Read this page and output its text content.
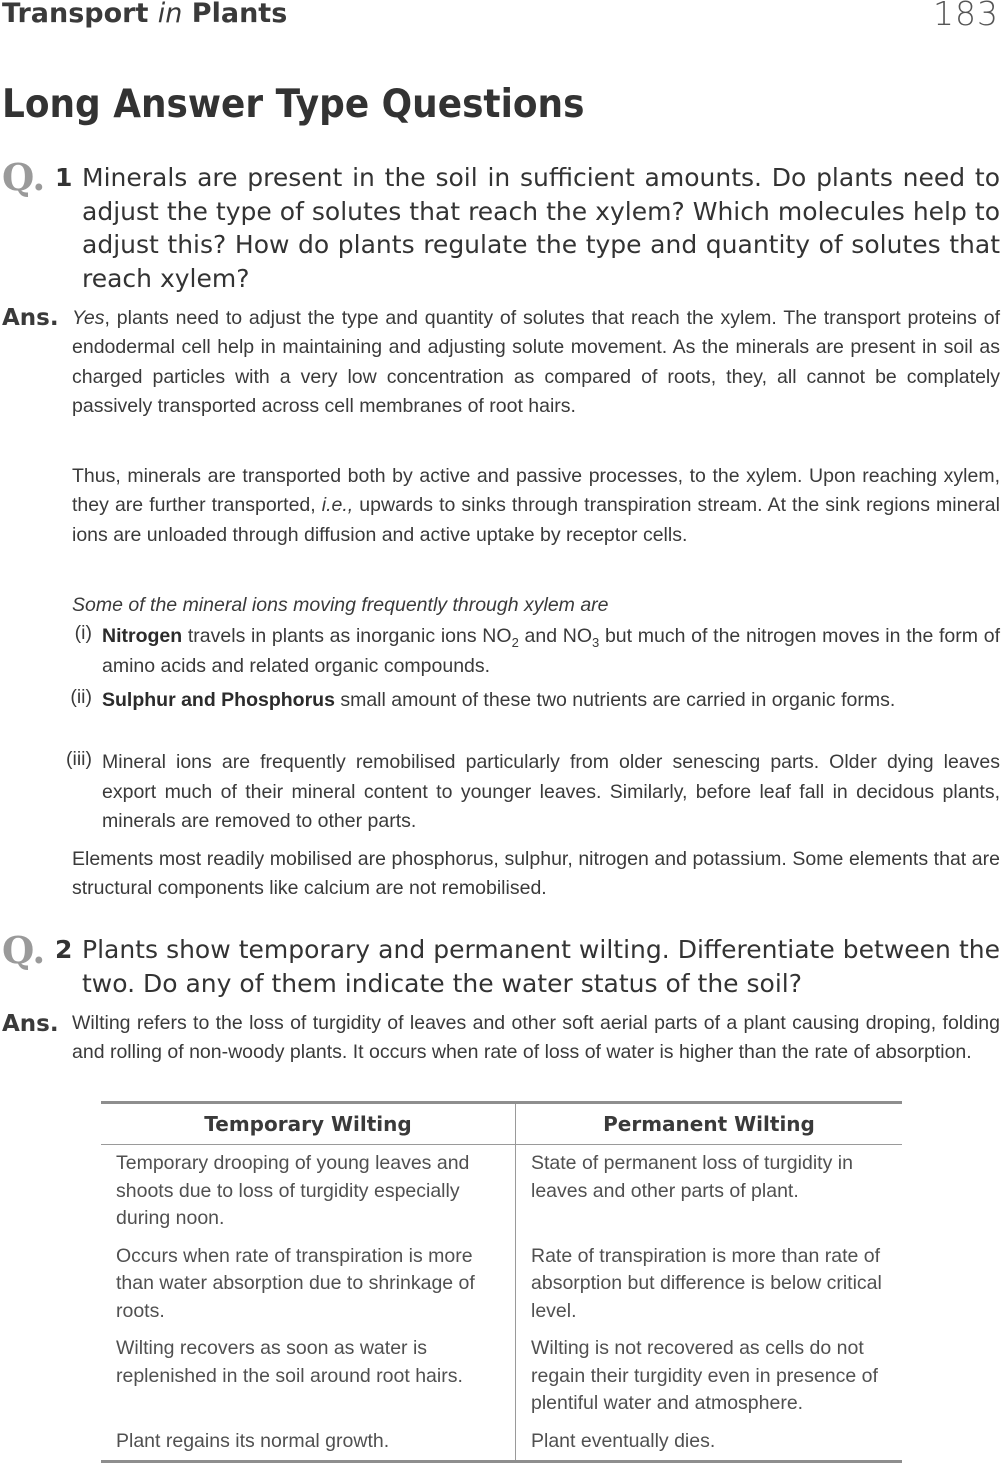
Transport in Plants	183
Long Answer Type Questions
Q. 1 Minerals are present in the soil in sufficient amounts. Do plants need to adjust the type of solutes that reach the xylem? Which molecules help to adjust this? How do plants regulate the type and quantity of solutes that reach xylem?
Ans. Yes, plants need to adjust the type and quantity of solutes that reach the xylem. The transport proteins of endodermal cell help in maintaining and adjusting solute movement. As the minerals are present in soil as charged particles with a very low concentration as compared of roots, they, all cannot be complately passively transported across cell membranes of root hairs.
Thus, minerals are transported both by active and passive processes, to the xylem. Upon reaching xylem, they are further transported, i.e., upwards to sinks through transpiration stream. At the sink regions mineral ions are unloaded through diffusion and active uptake by receptor cells.
Some of the mineral ions moving frequently through xylem are
(i) Nitrogen travels in plants as inorganic ions $NO_2$ and $NO_3$ but much of the nitrogen moves in the form of amino acids and related organic compounds.
(ii) Sulphur and Phosphorus small amount of these two nutrients are carried in organic forms.
(iii) Mineral ions are frequently remobilised particularly from older senescing parts. Older dying leaves export much of their mineral content to younger leaves. Similarly, before leaf fall in decidous plants, minerals are removed to other parts.
Elements most readily mobilised are phosphorus, sulphur, nitrogen and potassium. Some elements that are structural components like calcium are not remobilised.
Q. 2 Plants show temporary and permanent wilting. Differentiate between the two. Do any of them indicate the water status of the soil?
Ans. Wilting refers to the loss of turgidity of leaves and other soft aerial parts of a plant causing droping, folding and rolling of non-woody plants. It occurs when rate of loss of water is higher than the rate of absorption.
Temporary Wilting	Permanent Wilting
Temporary drooping of young leaves and shoots due to loss of turgidity especially during noon.	State of permanent loss of turgidity in leaves and other parts of plant.
Occurs when rate of transpiration is more than water absorption due to shrinkage of roots.	Rate of transpiration is more than rate of absorption but difference is below critical level.
Wilting recovers as soon as water is replenished in the soil around root hairs.	Wilting is not recovered as cells do not regain their turgidity even in presence of plentiful water and atmosphere.
Plant regains its normal growth.	Plant eventually dies.
